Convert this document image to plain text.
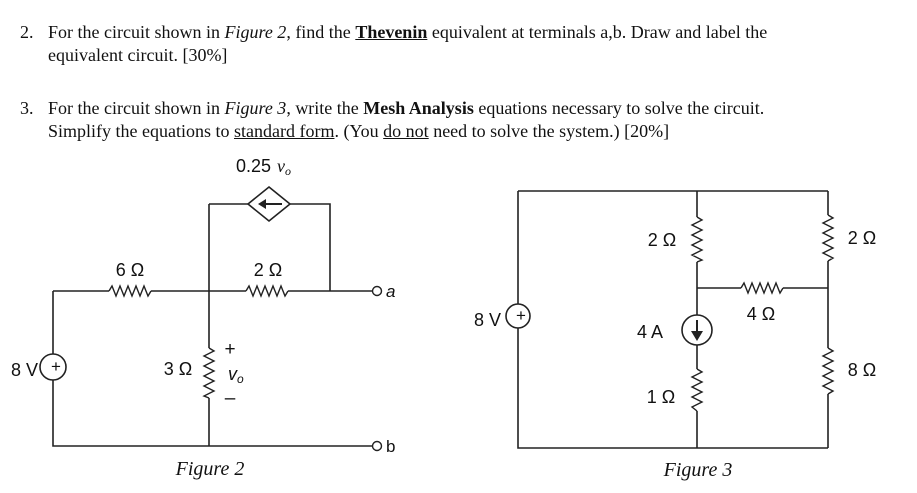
2. For the circuit shown in Figure 2, find the Thevenin equivalent at terminals a,b. Draw and label the
equivalent circuit. [30%]
3. For the circuit shown in Figure 3, write the Mesh Analysis equations necessary to solve the circuit.
Simplify the equations to standard form. (You do not need to solve the system.) [20%]
+
8 V
6 Ω	2 Ω
3 Ω
+
vo
–
0.25 vo
a
b
Figure 2
+
8 V
2 Ω
4 A
1 Ω
4 Ω
2 Ω
8 Ω
Figure 3
